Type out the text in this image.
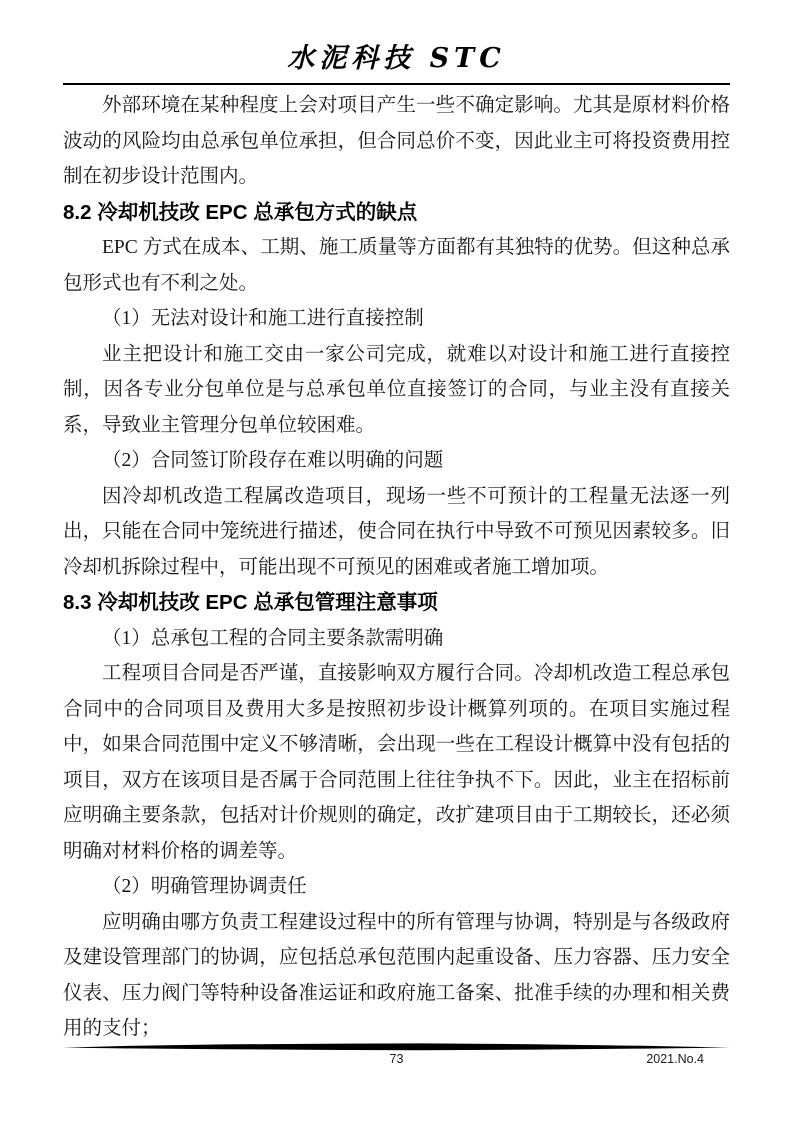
水泥科技 STC

外部环境在某种程度上会对项目产生一些不确定影响。尤其是原材料价格波动的风险均由总承包单位承担，但合同总价不变，因此业主可将投资费用控制在初步设计范围内。

8.2 冷却机技改 EPC 总承包方式的缺点

EPC 方式在成本、工期、施工质量等方面都有其独特的优势。但这种总承包形式也有不利之处。

（1）无法对设计和施工进行直接控制

业主把设计和施工交由一家公司完成，就难以对设计和施工进行直接控制，因各专业分包单位是与总承包单位直接签订的合同，与业主没有直接关系，导致业主管理分包单位较困难。

（2）合同签订阶段存在难以明确的问题

因冷却机改造工程属改造项目，现场一些不可预计的工程量无法逐一列出，只能在合同中笼统进行描述，使合同在执行中导致不可预见因素较多。旧冷却机拆除过程中，可能出现不可预见的困难或者施工增加项。

8.3 冷却机技改 EPC 总承包管理注意事项

（1）总承包工程的合同主要条款需明确

工程项目合同是否严谨，直接影响双方履行合同。冷却机改造工程总承包合同中的合同项目及费用大多是按照初步设计概算列项的。在项目实施过程中，如果合同范围中定义不够清晰，会出现一些在工程设计概算中没有包括的项目，双方在该项目是否属于合同范围上往往争执不下。因此，业主在招标前应明确主要条款，包括对计价规则的确定，改扩建项目由于工期较长，还必须明确对材料价格的调差等。

（2）明确管理协调责任

应明确由哪方负责工程建设过程中的所有管理与协调，特别是与各级政府及建设管理部门的协调，应包括总承包范围内起重设备、压力容器、压力安全仪表、压力阀门等特种设备准运证和政府施工备案、批准手续的办理和相关费用的支付；

73	2021.No.4
